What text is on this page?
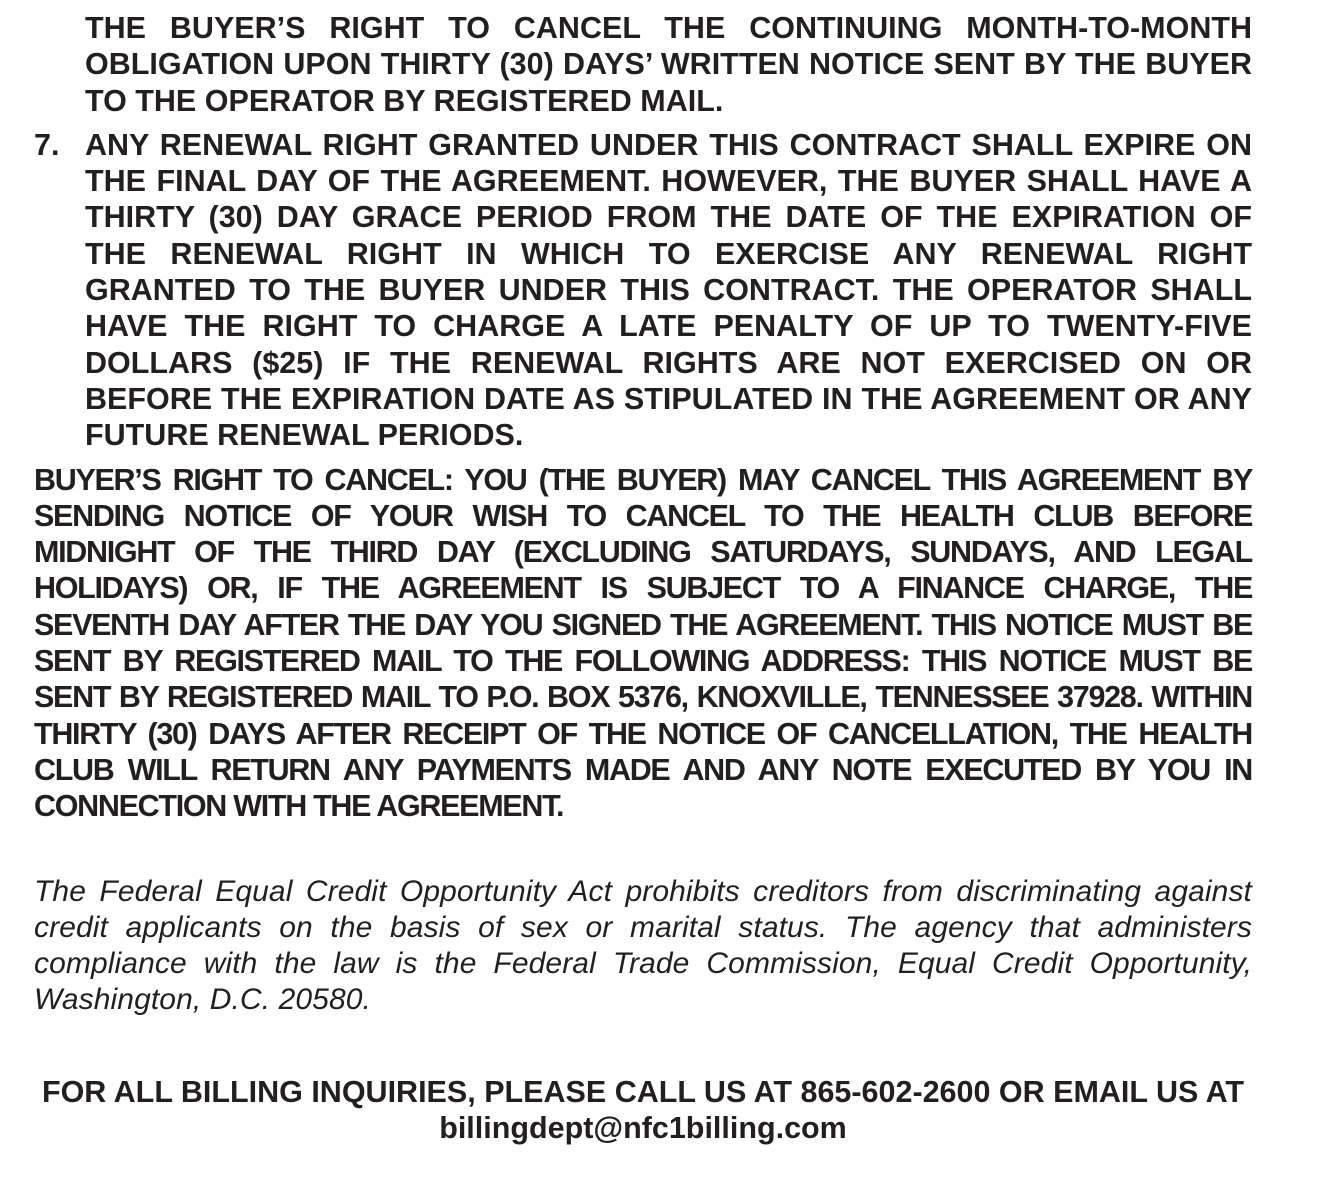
THE BUYER’S RIGHT TO CANCEL THE CONTINUING MONTH-TO-MONTH OBLIGATION UPON THIRTY (30) DAYS’ WRITTEN NOTICE SENT BY THE BUYER TO THE OPERATOR BY REGISTERED MAIL.

7. ANY RENEWAL RIGHT GRANTED UNDER THIS CONTRACT SHALL EXPIRE ON THE FINAL DAY OF THE AGREEMENT. HOWEVER, THE BUYER SHALL HAVE A THIRTY (30) DAY GRACE PERIOD FROM THE DATE OF THE EXPIRATION OF THE RENEWAL RIGHT IN WHICH TO EXERCISE ANY RENEWAL RIGHT GRANTED TO THE BUYER UNDER THIS CONTRACT. THE OPERATOR SHALL HAVE THE RIGHT TO CHARGE A LATE PENALTY OF UP TO TWENTY-FIVE DOLLARS ($25) IF THE RENEWAL RIGHTS ARE NOT EXERCISED ON OR BEFORE THE EXPIRATION DATE AS STIPULATED IN THE AGREEMENT OR ANY FUTURE RENEWAL PERIODS.

BUYER’S RIGHT TO CANCEL: YOU (THE BUYER) MAY CANCEL THIS AGREEMENT BY SENDING NOTICE OF YOUR WISH TO CANCEL TO THE HEALTH CLUB BEFORE MIDNIGHT OF THE THIRD DAY (EXCLUDING SATURDAYS, SUNDAYS, AND LEGAL HOLIDAYS) OR, IF THE AGREEMENT IS SUBJECT TO A FINANCE CHARGE, THE SEVENTH DAY AFTER THE DAY YOU SIGNED THE AGREEMENT. THIS NOTICE MUST BE SENT BY REGISTERED MAIL TO THE FOLLOWING ADDRESS: THIS NOTICE MUST BE SENT BY REGISTERED MAIL TO P.O. BOX 5376, KNOXVILLE, TENNESSEE 37928. WITHIN THIRTY (30) DAYS AFTER RECEIPT OF THE NOTICE OF CANCELLATION, THE HEALTH CLUB WILL RETURN ANY PAYMENTS MADE AND ANY NOTE EXECUTED BY YOU IN CONNECTION WITH THE AGREEMENT.

The Federal Equal Credit Opportunity Act prohibits creditors from discriminating against credit applicants on the basis of sex or marital status. The agency that administers compliance with the law is the Federal Trade Commission, Equal Credit Opportunity, Washington, D.C. 20580.

FOR ALL BILLING INQUIRIES, PLEASE CALL US AT 865-602-2600 OR EMAIL US AT billingdept@nfc1billing.com
